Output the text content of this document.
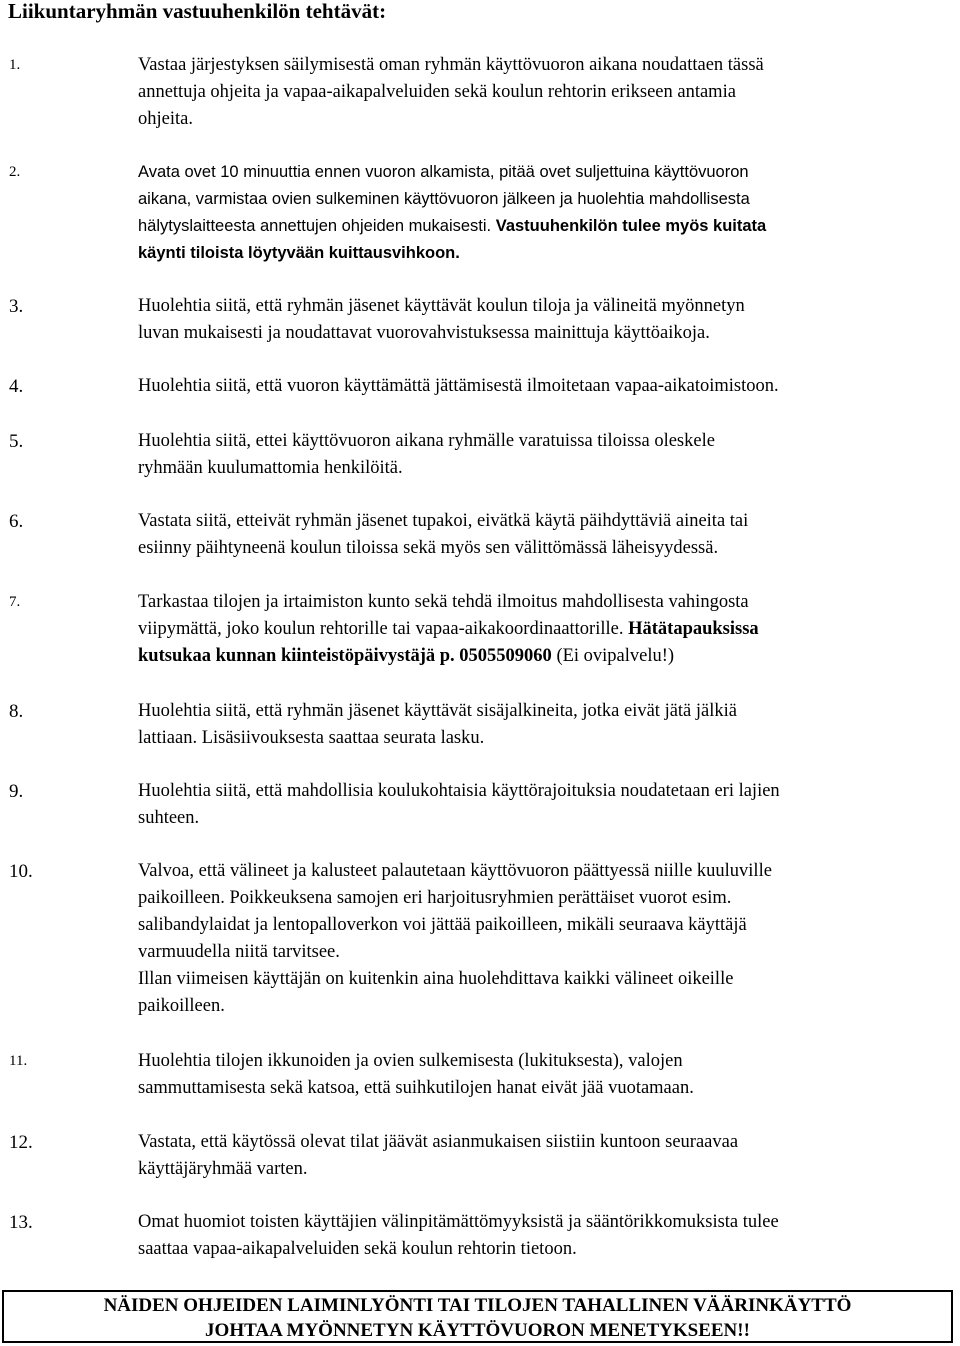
Liikuntaryhmän vastuuhenkilön tehtävät:
1.	Vastaa järjestyksen säilymisestä oman ryhmän käyttövuoron aikana noudattaen tässä
annettuja ohjeita ja vapaa-aikapalveluiden sekä koulun rehtorin erikseen antamia
ohjeita.
2.	Avata ovet 10 minuuttia ennen vuoron alkamista, pitää ovet suljettuina käyttövuoron
aikana, varmistaa ovien sulkeminen käyttövuoron jälkeen ja huolehtia mahdollisesta
hälytyslaitteesta annettujen ohjeiden mukaisesti. Vastuuhenkilön tulee myös kuitata
käynti tiloista löytyvään kuittausvihkoon.
3.	Huolehtia siitä, että ryhmän jäsenet käyttävät koulun tiloja ja välineitä myönnetyn
luvan mukaisesti ja noudattavat vuorovahvistuksessa mainittuja käyttöaikoja.
4.	Huolehtia siitä, että vuoron käyttämättä jättämisestä ilmoitetaan vapaa-aikatoimistoon.
5.	Huolehtia siitä, ettei käyttövuoron aikana ryhmälle varatuissa tiloissa oleskele
ryhmään kuulumattomia henkilöitä.
6.	Vastata siitä, etteivät ryhmän jäsenet tupakoi, eivätkä käytä päihdyttäviä aineita tai
esiinny päihtyneenä koulun tiloissa sekä myös sen välittömässä läheisyydessä.
7.	Tarkastaa tilojen ja irtaimiston kunto sekä tehdä ilmoitus mahdollisesta vahingosta
viipymättä, joko koulun rehtorille tai vapaa-aikakoordinaattorille. Hätätapauksissa
kutsukaa kunnan kiinteistöpäivystäjä p. 0505509060 (Ei ovipalvelu!)
8.	Huolehtia siitä, että ryhmän jäsenet käyttävät sisäjalkineita, jotka eivät jätä jälkiä
lattiaan. Lisäsiivouksesta saattaa seurata lasku.
9.	Huolehtia siitä, että mahdollisia koulukohtaisia käyttörajoituksia noudatetaan eri lajien
suhteen.
10.	Valvoa, että välineet ja kalusteet palautetaan käyttövuoron päättyessä niille kuuluville
paikoilleen. Poikkeuksena samojen eri harjoitusryhmien perättäiset vuorot esim.
salibandylaidat ja lentopalloverkon voi jättää paikoilleen, mikäli seuraava käyttäjä
varmuudella niitä tarvitsee.
Illan viimeisen käyttäjän on kuitenkin aina huolehdittava kaikki välineet oikeille
paikoilleen.
11.	Huolehtia tilojen ikkunoiden ja ovien sulkemisesta (lukituksesta), valojen
sammuttamisesta sekä katsoa, että suihkutilojen hanat eivät jää vuotamaan.
12.	Vastata, että käytössä olevat tilat jäävät asianmukaisen siistiin kuntoon seuraavaa
käyttäjäryhmää varten.
13.	Omat huomiot toisten käyttäjien välinpitämättömyyksistä ja sääntörikkomuksista tulee
saattaa vapaa-aikapalveluiden sekä koulun rehtorin tietoon.
NÄIDEN OHJEIDEN LAIMINLYÖNTI TAI TILOJEN TAHALLINEN VÄÄRINKÄYTTÖ
JOHTAA MYÖNNETYN KÄYTTÖVUORON MENETYKSEEN!!
